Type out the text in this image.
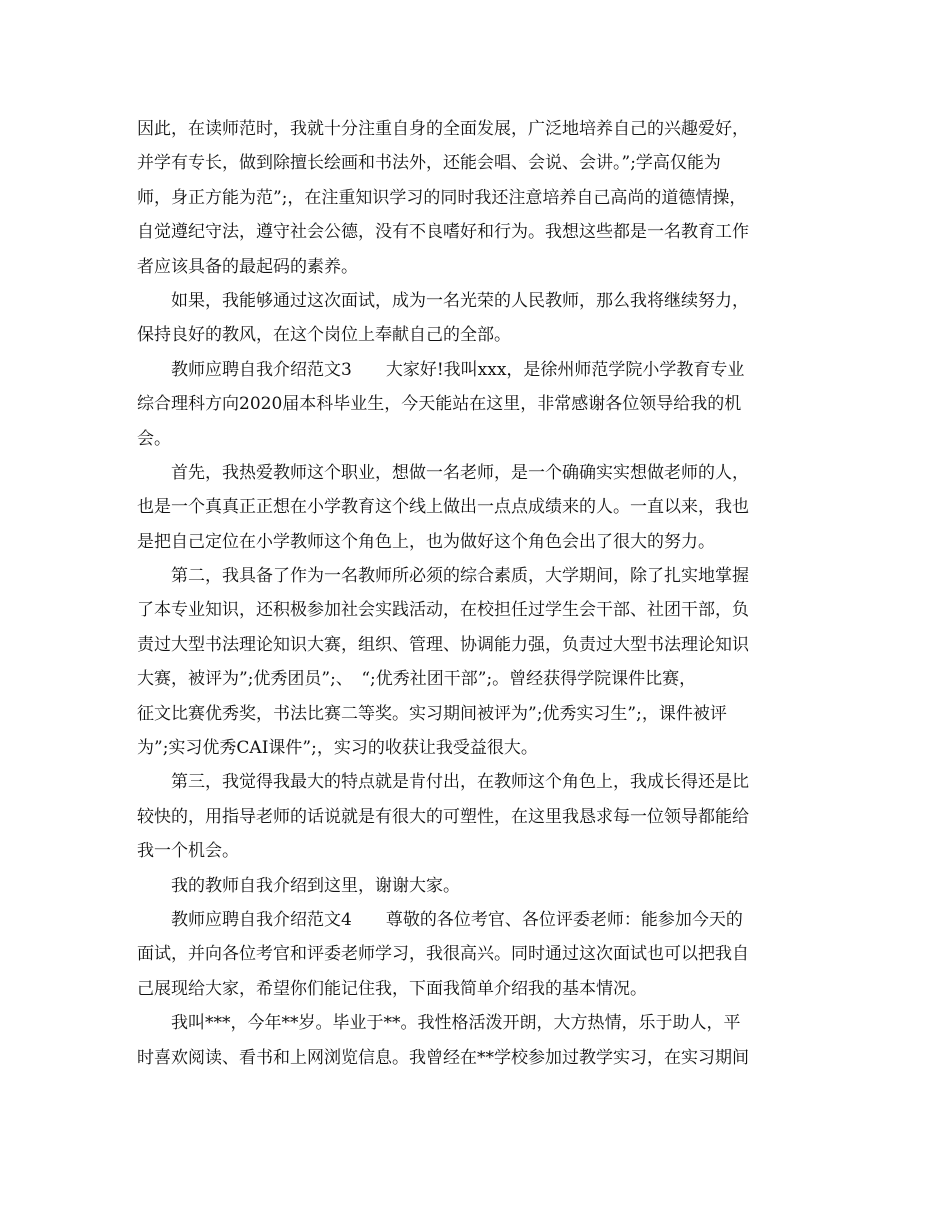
因此，在读师范时，我就十分注重自身的全面发展，广泛地培养自己的兴趣爱好，
并学有专长，做到除擅长绘画和书法外，还能会唱、会说、会讲。”;学高仅能为
师，身正方能为范”;，在注重知识学习的同时我还注意培养自己高尚的道德情操，
自觉遵纪守法，遵守社会公德，没有不良嗜好和行为。我想这些都是一名教育工作
者应该具备的最起码的素养。
如果，我能够通过这次面试，成为一名光荣的人民教师，那么我将继续努力，
保持良好的教风，在这个岗位上奉献自己的全部。
教师应聘自我介绍范文3　　大家好!我叫xxx，是徐州师范学院小学教育专业
综合理科方向2020届本科毕业生，今天能站在这里，非常感谢各位领导给我的机
会。
首先，我热爱教师这个职业，想做一名老师，是一个确确实实想做老师的人，
也是一个真真正正想在小学教育这个线上做出一点点成绩来的人。一直以来，我也
是把自己定位在小学教师这个角色上，也为做好这个角色会出了很大的努力。
第二，我具备了作为一名教师所必须的综合素质，大学期间，除了扎实地掌握
了本专业知识，还积极参加社会实践活动，在校担任过学生会干部、社团干部，负
责过大型书法理论知识大赛，组织、管理、协调能力强，负责过大型书法理论知识
大赛，被评为”;优秀团员”;、　“;优秀社团干部”;。曾经获得学院课件比赛，
征文比赛优秀奖，书法比赛二等奖。实习期间被评为”;优秀实习生”;，课件被评
为”;实习优秀CAI课件”;，实习的收获让我受益很大。
第三，我觉得我最大的特点就是肯付出，在教师这个角色上，我成长得还是比
较快的，用指导老师的话说就是有很大的可塑性，在这里我恳求每一位领导都能给
我一个机会。
我的教师自我介绍到这里，谢谢大家。
教师应聘自我介绍范文4　　尊敬的各位考官、各位评委老师：能参加今天的
面试，并向各位考官和评委老师学习，我很高兴。同时通过这次面试也可以把我自
己展现给大家，希望你们能记住我，下面我简单介绍我的基本情况。
我叫***，今年**岁。毕业于**。我性格活泼开朗，大方热情，乐于助人，平
时喜欢阅读、看书和上网浏览信息。我曾经在**学校参加过教学实习，在实习期间
